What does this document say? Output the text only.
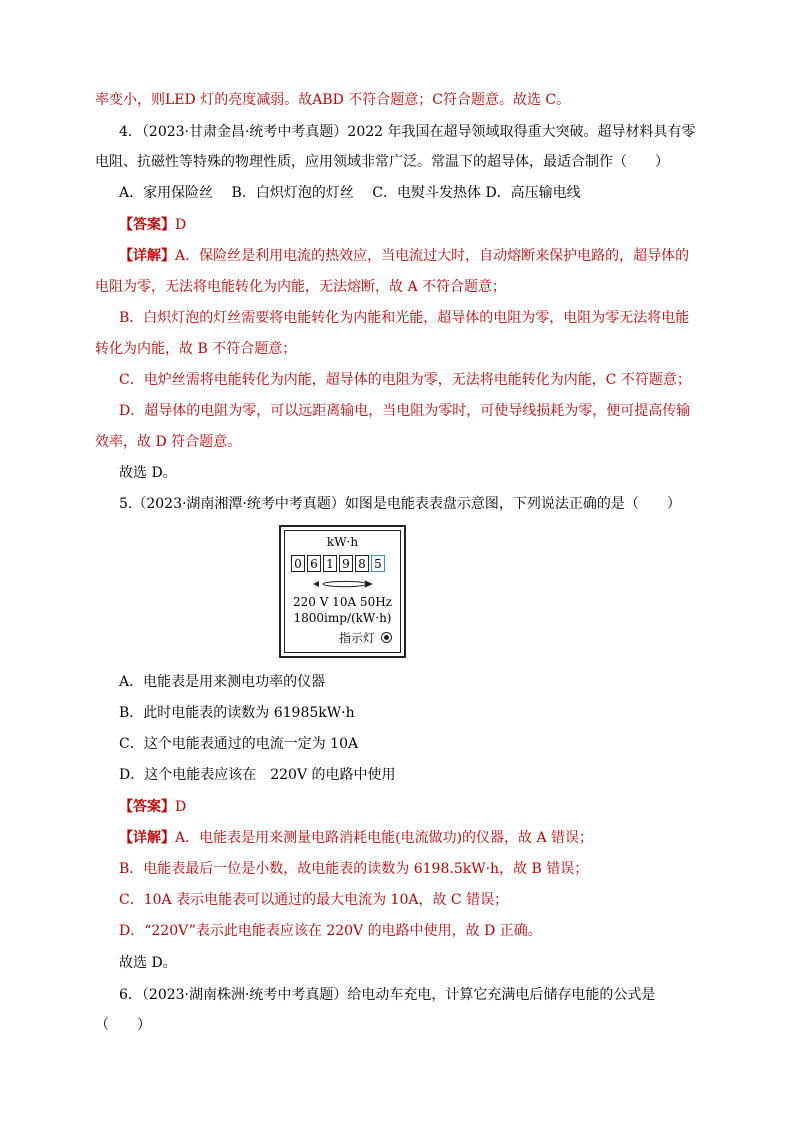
率变小，则LED 灯的亮度减弱。故ABD 不符合题意；C符合题意。故选 C。
4．（2023·甘肃金昌·统考中考真题）2022 年我国在超导领域取得重大突破。超导材料具有零
电阻、抗磁性等特殊的物理性质，应用领域非常广泛。常温下的超导体，最适合制作（　　）
A．家用保险丝　 B．白炽灯泡的灯丝　 C．电熨斗发热体 D．高压输电线
【答案】D
【详解】A．保险丝是利用电流的热效应，当电流过大时，自动熔断来保护电路的，超导体的
电阻为零，无法将电能转化为内能，无法熔断，故 A 不符合题意；
B．白炽灯泡的灯丝需要将电能转化为内能和光能，超导体的电阻为零，电阻为零无法将电能
转化为内能，故 B 不符合题意；
C．电炉丝需将电能转化为内能，超导体的电阻为零，无法将电能转化为内能，C 不符题意；
D．超导体的电阻为零，可以远距离输电，当电阻为零时，可使导线损耗为零，便可提高传输
效率，故 D 符合题意。
故选 D。
5.（2023·湖南湘潭·统考中考真题）如图是电能表表盘示意图，下列说法正确的是（　　）
kW·h
0 6 1 9 8 5
220 V 10A 50Hz
1800imp/(kW·h)
指示灯
A．电能表是用来测电功率的仪器
B．此时电能表的读数为 61985kW·h
C．这个电能表通过的电流一定为 10A
D．这个电能表应该在　220V 的电路中使用
【答案】D
【详解】A．电能表是用来测量电路消耗电能(电流做功)的仪器，故 A 错误；
B．电能表最后一位是小数，故电能表的读数为 6198.5kW·h，故 B 错误；
C．10A 表示电能表可以通过的最大电流为 10A，故 C 错误；
D．“220V”表示此电能表应该在 220V 的电路中使用，故 D 正确。
故选 D。
6．（2023·湖南株洲·统考中考真题）给电动车充电，计算它充满电后储存电能的公式是
（　　）
